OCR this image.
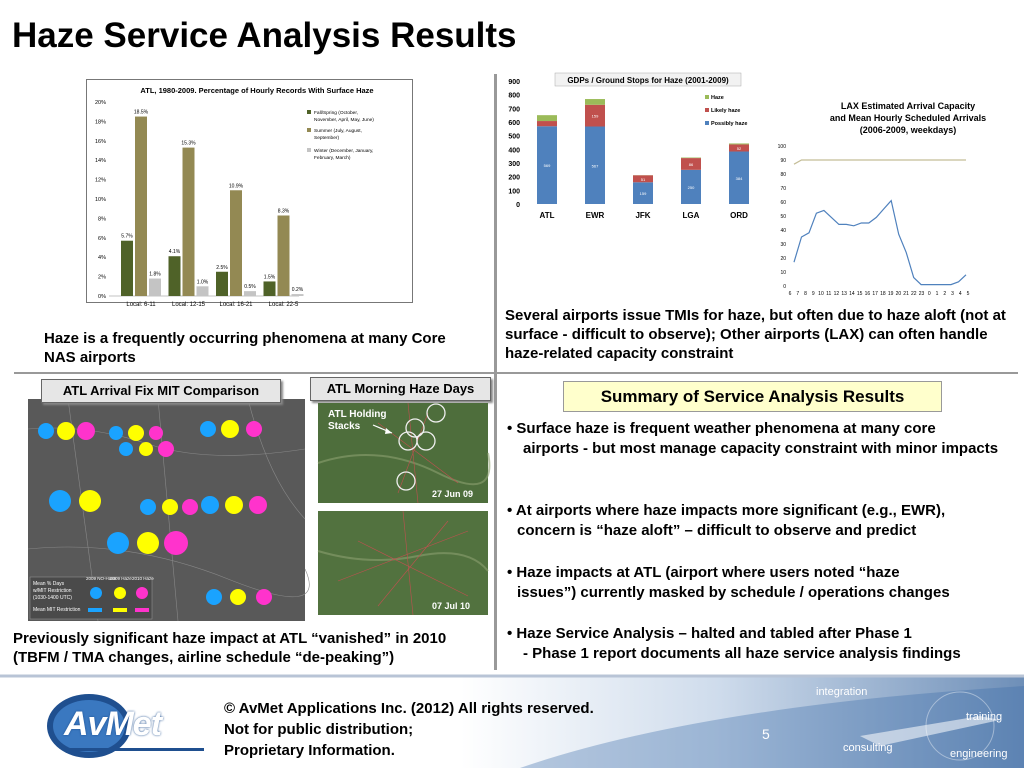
Haze Service Analysis Results
ATL, 1980-2009. Percentage of Hourly Records With Surface Haze
0%
2%
4%
6%
8%
10%
12%
14%
16%
18%
20%
Local: 6-11	Local: 12-15 Local: 16-21	Local: 22-5
5.7%
18.5%
1.8%
4.1%
15.3%
1.0%
2.5%
10.9%
0.5%
1.5%
8.3%
0.2%
Fall/Spring (October,
November, April, May, June)
Summer (July, August,
September)
Winter (December, January,
February, March)
GDPs / Ground Stops for Haze (2001-2009)
0
100
200
300
400
500
600
700
800
900
ATL	EWR	JFK	LGA	ORD
569	567
159
159
51
250
86
384
52
Haze
Likely haze
Possibly haze
LAX Estimated Arrival Capacity
and Mean Hourly Scheduled Arrivals
(2006-2009, weekdays)
0
10
20
30
40
50
60
70
80
90
100
6 7 8 9 10 11 12 13 14 15 16 17 18 19 20 21 22 23 0 1 2 3 4 5
Haze is a frequently occurring phenomena at many Core NAS airports
Several airports issue TMIs for haze, but often due to haze aloft (not at surface - difficult to observe); Other airports (LAX) can often handle haze-related capacity constraint
Mean % Days
w/MIT Restriction
(1030-1400 UTC)
Mean MIT Restriction
2009 NO-Haze
2009 Haze 2010 Haze
ATL Arrival Fix MIT Comparison	ATL Morning Haze Days
ATL Holding Stacks
27 Jun 09
07 Jul 10
Previously significant haze impact at ATL “vanished” in 2010 (TBFM / TMA changes, airline schedule “de-peaking”)
Summary of Service Analysis Results
• Surface haze is frequent weather phenomena at many core
airports - but most manage capacity constraint with minor impacts
• At airports where haze impacts more significant (e.g., EWR),
concern is “haze aloft” – difficult to observe and predict
• Haze impacts at ATL (airport where users noted “haze
issues”) currently masked by schedule / operations changes
• Haze Service Analysis – halted and tabled after Phase 1
- Phase 1 report documents all haze service analysis findings
AvMet	© AvMet Applications Inc. (2012) All rights reserved.
Not for public distribution;
Proprietary Information.
5
integration
training
consulting	engineering
